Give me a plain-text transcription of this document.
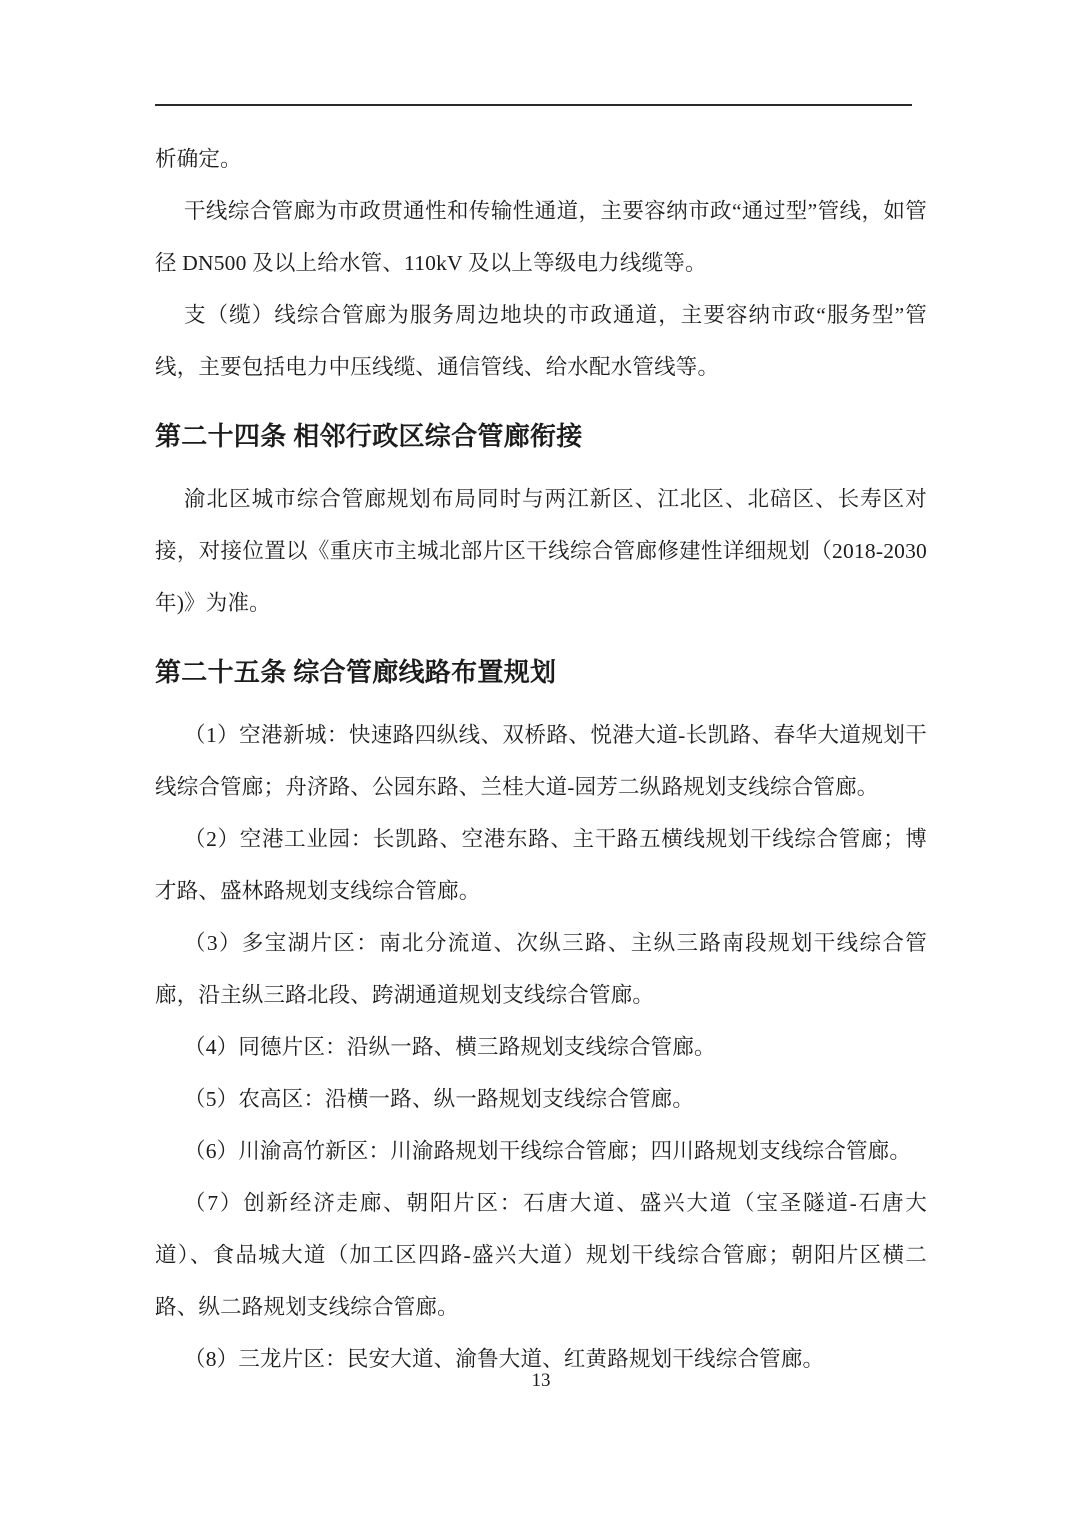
析确定。

干线综合管廊为市政贯通性和传输性通道，主要容纳市政“通过型”管线，如管径 DN500 及以上给水管、110kV 及以上等级电力线缆等。

支（缆）线综合管廊为服务周边地块的市政通道，主要容纳市政“服务型”管线，主要包括电力中压线缆、通信管线、给水配水管线等。

第二十四条 相邻行政区综合管廊衔接

渝北区城市综合管廊规划布局同时与两江新区、江北区、北碚区、长寿区对接，对接位置以《重庆市主城北部片区干线综合管廊修建性详细规划（2018-2030 年)》为准。

第二十五条 综合管廊线路布置规划

（1）空港新城：快速路四纵线、双桥路、悦港大道-长凯路、春华大道规划干线综合管廊；舟济路、公园东路、兰桂大道-园芳二纵路规划支线综合管廊。

（2）空港工业园：长凯路、空港东路、主干路五横线规划干线综合管廊；博才路、盛林路规划支线综合管廊。

（3）多宝湖片区：南北分流道、次纵三路、主纵三路南段规划干线综合管廊，沿主纵三路北段、跨湖通道规划支线综合管廊。

（4）同德片区：沿纵一路、横三路规划支线综合管廊。

（5）农高区：沿横一路、纵一路规划支线综合管廊。

（6）川渝高竹新区：川渝路规划干线综合管廊；四川路规划支线综合管廊。

（7）创新经济走廊、朝阳片区：石唐大道、盛兴大道（宝圣隧道-石唐大道）、食品城大道（加工区四路-盛兴大道）规划干线综合管廊；朝阳片区横二路、纵二路规划支线综合管廊。

（8）三龙片区：民安大道、渝鲁大道、红黄路规划干线综合管廊。

13
